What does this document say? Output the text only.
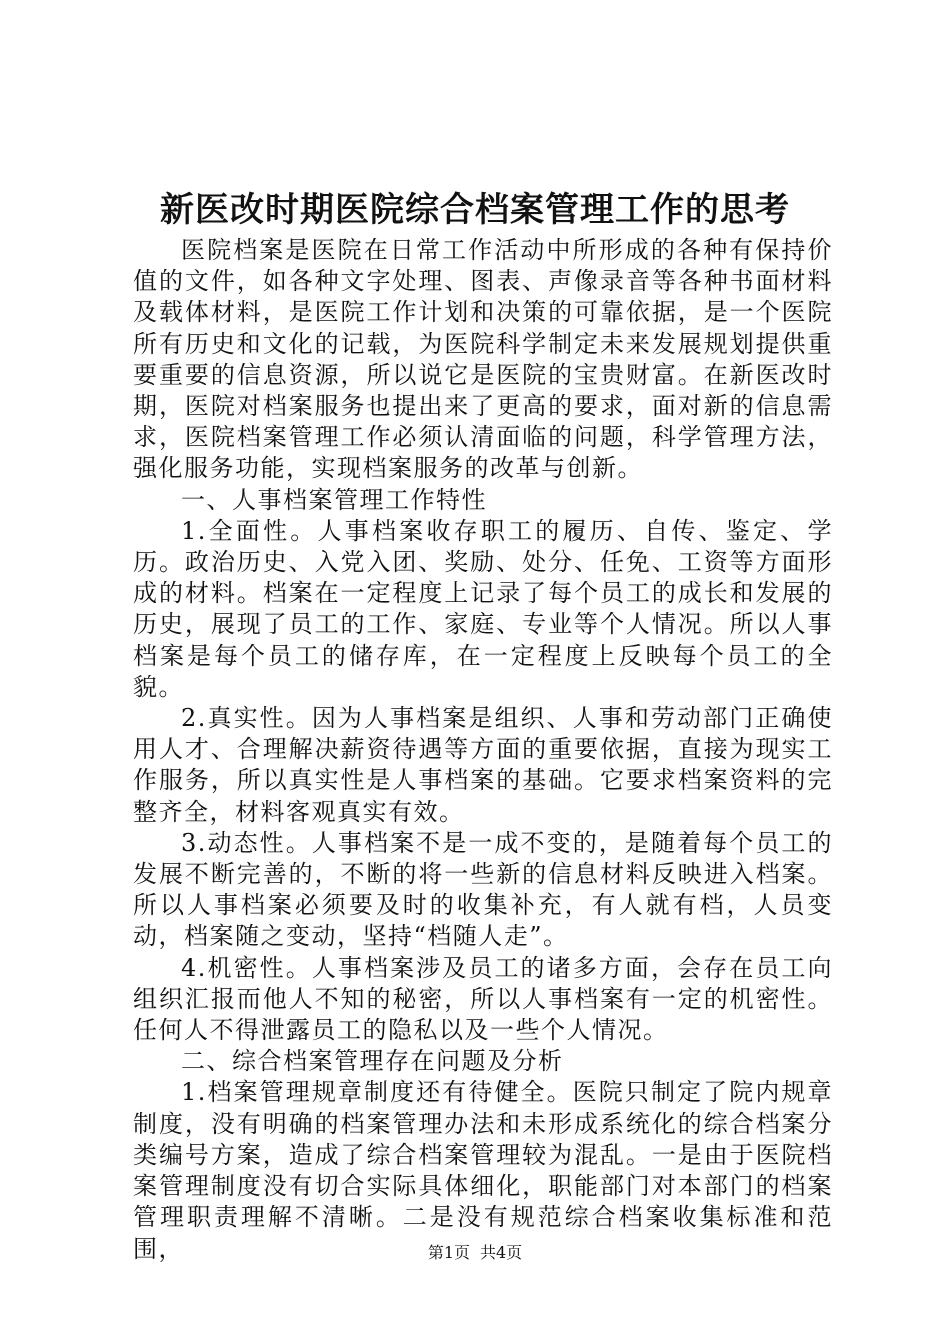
新医改时期医院综合档案管理工作的思考

医院档案是医院在日常工作活动中所形成的各种有保持价值的文件，如各种文字处理、图表、声像录音等各种书面材料及载体材料，是医院工作计划和决策的可靠依据，是一个医院所有历史和文化的记载，为医院科学制定未来发展规划提供重要重要的信息资源，所以说它是医院的宝贵财富。在新医改时期，医院对档案服务也提出来了更高的要求，面对新的信息需求，医院档案管理工作必须认清面临的问题，科学管理方法，强化服务功能，实现档案服务的改革与创新。

一、人事档案管理工作特性

1.全面性。人事档案收存职工的履历、自传、鉴定、学历。政治历史、入党入团、奖励、处分、任免、工资等方面形成的材料。档案在一定程度上记录了每个员工的成长和发展的历史，展现了员工的工作、家庭、专业等个人情况。所以人事档案是每个员工的储存库，在一定程度上反映每个员工的全貌。

2.真实性。因为人事档案是组织、人事和劳动部门正确使用人才、合理解决薪资待遇等方面的重要依据，直接为现实工作服务，所以真实性是人事档案的基础。它要求档案资料的完整齐全，材料客观真实有效。

3.动态性。人事档案不是一成不变的，是随着每个员工的发展不断完善的，不断的将一些新的信息材料反映进入档案。所以人事档案必须要及时的收集补充，有人就有档，人员变动，档案随之变动，坚持“档随人走”。

4.机密性。人事档案涉及员工的诸多方面，会存在员工向组织汇报而他人不知的秘密，所以人事档案有一定的机密性。任何人不得泄露员工的隐私以及一些个人情况。

二、综合档案管理存在问题及分析

1.档案管理规章制度还有待健全。医院只制定了院内规章制度，没有明确的档案管理办法和未形成系统化的综合档案分类编号方案，造成了综合档案管理较为混乱。一是由于医院档案管理制度没有切合实际具体细化，职能部门对本部门的档案管理职责理解不清晰。二是没有规范综合档案收集标准和范围，	第1页 共4页
